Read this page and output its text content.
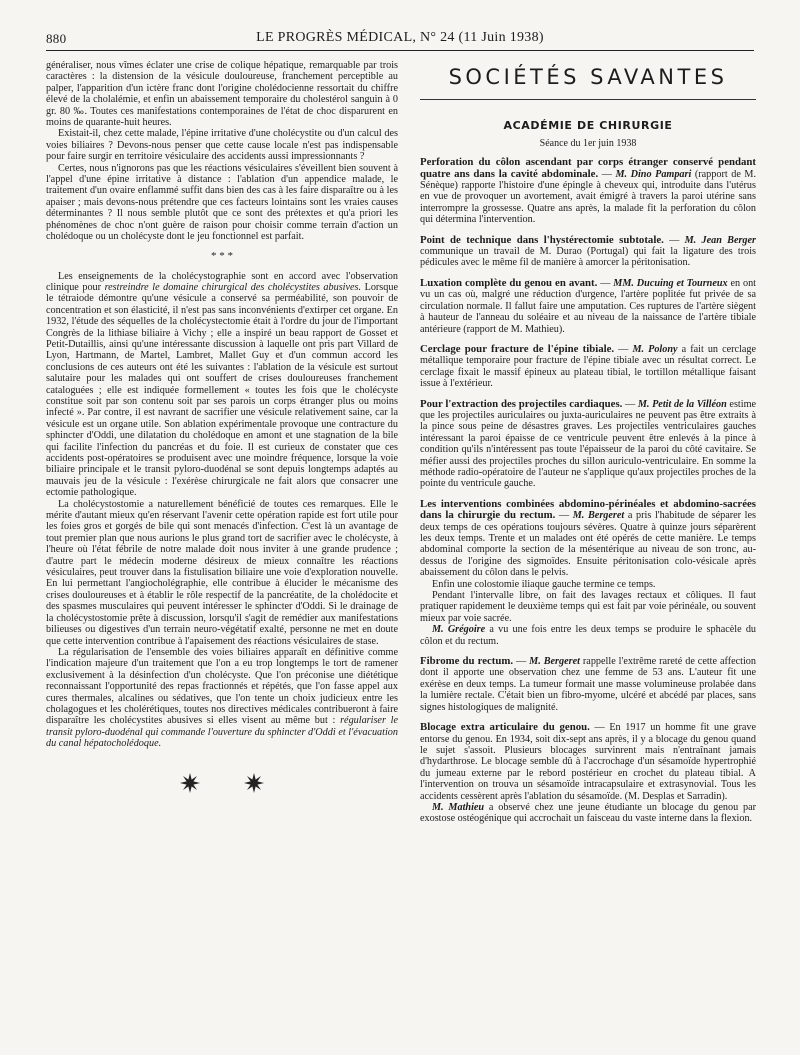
880	LE PROGRÈS MÉDICAL, N° 24 (11 Juin 1938)

généraliser, nous vîmes éclater une crise de colique hépatique, remarquable par trois caractères : la distension de la vésicule douloureuse, franchement perceptible au palper, l'apparition d'un ictère franc dont l'origine cholédocienne ressortait du chiffre élevé de la cholalémie, et enfin un abaissement temporaire du cholestérol sanguin à 0 gr. 80 ‰. Toutes ces manifestations contemporaines de l'état de choc disparurent en moins de quarante-huit heures.

Existait-il, chez cette malade, l'épine irritative d'une cholécystite ou d'un calcul des voies biliaires ? Devons-nous penser que cette cause locale n'est pas indispensable pour faire surgir en territoire vésiculaire des accidents aussi impressionnants ?

Certes, nous n'ignorons pas que les réactions vésiculaires s'éveillent bien souvent à l'appel d'une épine irritative à distance : l'ablation d'un appendice malade, le traitement d'un ovaire enflammé suffit dans bien des cas à les faire disparaître ou à les apaiser ; mais devons-nous prétendre que ces facteurs lointains sont les vraies causes déterminantes ? Il nous semble plutôt que ce sont des prétextes et qu'a priori les phénomènes de choc n'ont guère de raison pour choisir comme terrain d'action un cholédoque ou un cholécyste dont le jeu fonctionnel est parfait.

* * *

Les enseignements de la cholécystographie sont en accord avec l'observation clinique pour restreindre le domaine chirurgical des cholécystites abusives. Lorsque le tétraiode démontre qu'une vésicule a conservé sa perméabilité, son pouvoir de concentration et son élasticité, il n'est pas sans inconvénients d'extirper cet organe. En 1932, l'étude des séquelles de la cholécystectomie était à l'ordre du jour de l'important Congrès de la lithiase biliaire à Vichy ; elle a inspiré un beau rapport de Gosset et Petit-Dutaillis, ainsi qu'une intéressante discussion à laquelle ont pris part Villard de Lyon, Hartmann, de Martel, Lambret, Mallet Guy et d'un commun accord les conclusions de ces auteurs ont été les suivantes : l'ablation de la vésicule est surtout salutaire pour les malades qui ont souffert de crises douloureuses franchement cataloguées ; elle est indiquée formellement « toutes les fois que le cholécyste constitue soit par son contenu soit par ses parois un corps étranger plus ou moins infecté ». Par contre, il est navrant de sacrifier une vésicule relativement saine, car la vésicule est un organe utile. Son ablation expérimentale provoque une contracture du sphincter d'Oddi, une dilatation du cholédoque en amont et une stagnation de la bile qui facilite l'infection du pancréas et du foie. Il est curieux de constater que ces accidents post-opératoires se produisent avec une moindre fréquence, lorsque la voie biliaire principale et le transit pyloro-duodénal se sont depuis longtemps adaptés au mauvais jeu de la vésicule : l'exérèse chirurgicale ne fait alors que consacrer une ectomie pathologique.

La cholécystostomie a naturellement bénéficié de toutes ces remarques. Elle le mérite d'autant mieux qu'en réservant l'avenir cette opération rapide est fort utile pour les foies gros et gorgés de bile qui sont menacés d'infection. C'est là un avantage de tout premier plan que nous aurions le plus grand tort de sacrifier avec le cholécyste, à l'heure où l'état fébrile de notre malade doit nous inviter à une grande prudence ; d'autre part le médecin moderne désireux de mieux connaître les réactions vésiculaires, peut trouver dans la fistulisation biliaire une voie d'exploration nouvelle. En lui permettant l'angiocholégraphie, elle contribue à élucider le mécanisme des crises douloureuses et à établir le rôle respectif de la pancréatite, de la cholédocite et des spasmes musculaires qui peuvent intéresser le sphincter d'Oddi. Si le drainage de la cholécystostomie prête à discussion, lorsqu'il s'agit de remédier aux manifestations bilieuses ou digestives d'un terrain neuro-végétatif exalté, personne ne met en doute que cette intervention contribue à l'apaisement des réactions vésiculaires de stase.

La régularisation de l'ensemble des voies biliaires apparaît en définitive comme l'indication majeure d'un traitement que l'on a eu trop longtemps le tort de ramener exclusivement à la désinfection d'un cholécyste. Que l'on préconise une diététique reconnaissant l'opportunité des repas fractionnés et répétés, que l'on fasse appel aux cures thermales, alcalines ou sédatives, que l'on tente un choix judicieux entre les cholagogues et les cholérétiques, toutes nos directives médicales contribueront à faire disparaître les cholécystites abusives si elles visent au même but : régulariser le transit pyloro-duodénal qui commande l'ouverture du sphincter d'Oddi et l'évacuation du canal hépatocholédoque.

SOCIÉTÉS SAVANTES
ACADÉMIE DE CHIRURGIE
Séance du 1er juin 1938

Perforation du côlon ascendant par corps étranger conservé pendant quatre ans dans la cavité abdominale. — M. Dino Pampari (rapport de M. Sénèque) rapporte l'histoire d'une épingle à cheveux qui, introduite dans l'utérus en vue de provoquer un avortement, avait émigré à travers la paroi utérine sans interrompre la grossesse. Quatre ans après, la malade fit la perforation du côlon qui détermina l'intervention.

Point de technique dans l'hystérectomie subtotale. — M. Jean Berger communique un travail de M. Durao (Portugal) qui fait la ligature des trois pédicules avec le même fil de manière à amorcer la péritonisation.

Luxation complète du genou en avant. — MM. Ducuing et Tourneux en ont vu un cas où, malgré une réduction d'urgence, l'artère poplitée fut privée de sa circulation normale. Il fallut faire une amputation. Ces ruptures de l'artère siègent à hauteur de l'anneau du soléaire et au niveau de la naissance de l'artère tibiale antérieure (rapport de M. Mathieu).

Cerclage pour fracture de l'épine tibiale. — M. Polony a fait un cerclage métallique temporaire pour fracture de l'épine tibiale avec un résultat correct. Le cerclage fixait le massif épineux au plateau tibial, le tortillon métallique faisant issue à l'extérieur.

Pour l'extraction des projectiles cardiaques. — M. Petit de la Villéon estime que les projectiles auriculaires ou juxta-auriculaires ne peuvent pas être extraits à la pince sous peine de désastres graves. Les projectiles ventriculaires gauches intéressant la paroi épaisse de ce ventricule peuvent être enlevés à la pince à condition qu'ils n'intéressent pas toute l'épaisseur de la paroi du côté cavitaire. Se méfier aussi des projectiles proches du sillon auriculo-ventriculaire. En somme la méthode radio-opératoire de l'auteur ne s'applique qu'aux projectiles proches de la pointe du ventricule gauche.

Les interventions combinées abdomino-périnéales et abdomino-sacrées dans la chirurgie du rectum. — M. Bergeret a pris l'habitude de séparer les deux temps de ces opérations toujours sévères. Quatre à quinze jours séparèrent les deux temps. Trente et un malades ont été opérés de cette manière. Le temps abdominal comporte la section de la mésentérique au niveau de son tronc, au-dessus de l'origine des sigmoïdes. Ensuite péritonisation colo-vésicale après abaissement du côlon dans le pelvis.

Enfin une colostomie iliaque gauche termine ce temps.

Pendant l'intervalle libre, on fait des lavages rectaux et côliques. Il faut pratiquer rapidement le deuxième temps qui est fait par voie périnéale, ou souvent mieux par voie sacrée.

M. Grégoire a vu une fois entre les deux temps se produire le sphacèle du côlon et du rectum.

Fibrome du rectum. — M. Bergeret rappelle l'extrême rareté de cette affection dont il apporte une observation chez une femme de 53 ans. L'auteur fit une exérèse en deux temps. La tumeur formait une masse volumineuse prolabée dans la lumière rectale. C'était bien un fibro-myome, ulcéré et abcédé par places, sans signes histologiques de malignité.

Blocage extra articulaire du genou. — En 1917 un homme fit une grave entorse du genou. En 1934, soit dix-sept ans après, il y a blocage du genou quand le sujet s'assoit. Plusieurs blocages survinrent mais n'entraînant jamais d'hydarthrose. Le blocage semble dû à l'accrochage d'un sésamoïde hypertrophié du jumeau externe par le rebord postérieur en crochet du plateau tibial. A l'intervention on trouva un sésamoïde intracapsulaire et extrasynovial. Tous les accidents cessèrent après l'ablation du sésamoïde. (M. Desplas et Sarradin).

M. Mathieu a observé chez une jeune étudiante un blocage du genou par exostose ostéogénique qui accrochait un faisceau du vaste interne dans la flexion.
